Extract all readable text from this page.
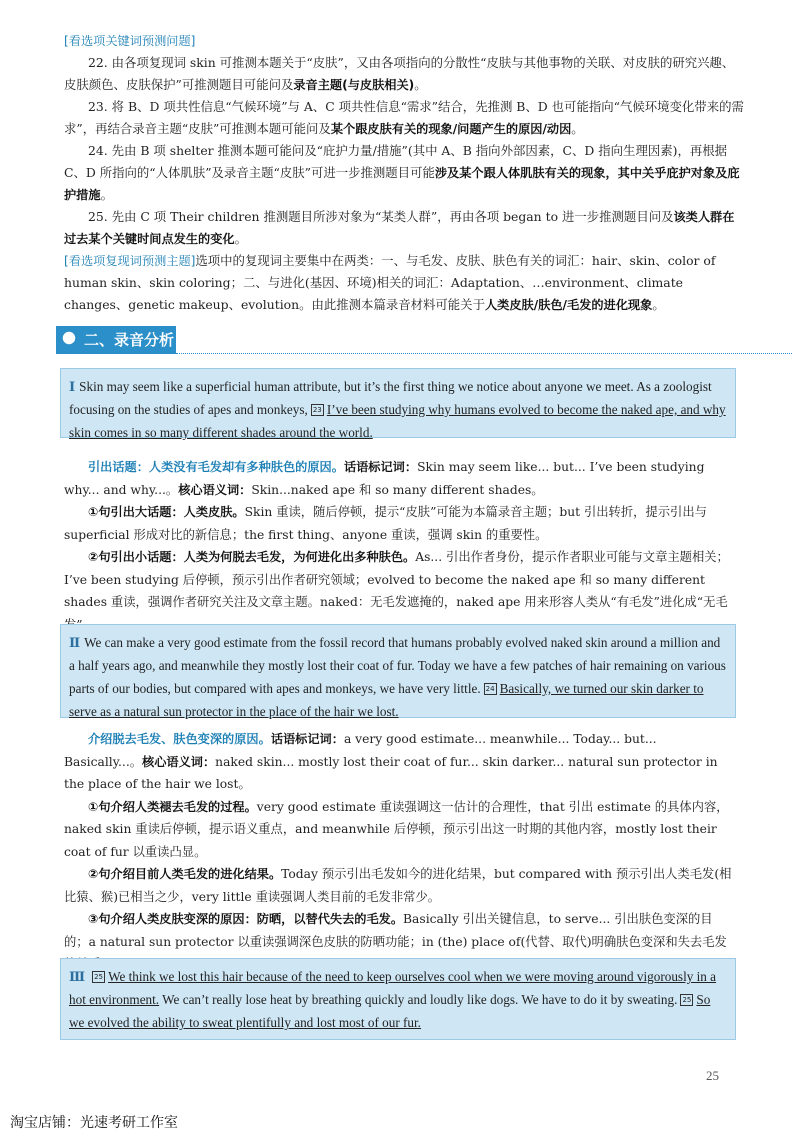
[看选项关键词预测问题]

22. 由各项复现词 skin 可推测本题关于“皮肤”，又由各项指向的分散性“皮肤与其他事物的关联、对皮肤的研究兴趣、皮肤颜色、皮肤保护”可推测题目可能问及录音主题(与皮肤相关)。

23. 将 B、D 项共性信息“气候环境”与 A、C 项共性信息“需求”结合，先推测 B、D 也可能指向“气候环境变化带来的需求”，再结合录音主题“皮肤”可推测本题可能问及某个跟皮肤有关的现象/问题产生的原因/动因。

24. 先由 B 项 shelter 推测本题可能问及“庇护力量/措施”(其中 A、B 指向外部因素，C、D 指向生理因素)，再根据 C、D 所指向的“人体肌肤”及录音主题“皮肤”可进一步推测题目可能涉及某个跟人体肌肤有关的现象，其中关乎庇护对象及庇护措施。

25. 先由 C 项 Their children 推测题目所涉对象为“某类人群”，再由各项 began to 进一步推测题目问及该类人群在过去某个关键时间点发生的变化。

[看选项复现词预测主题]选项中的复现词主要集中在两类：一、与毛发、皮肤、肤色有关的词汇：hair、skin、color of human skin、skin coloring；二、与进化(基因、环境)相关的词汇：Adaptation、…environment、climate changes、genetic makeup、evolution。由此推测本篇录音材料可能关于人类皮肤/肤色/毛发的进化现象。

二、录音分析
Ⅰ Skin may seem like a superficial human attribute, but it’s the first thing we notice about anyone we meet. As a zoologist focusing on the studies of apes and monkeys, 23 I’ve been studying why humans evolved to become the naked ape, and why skin comes in so many different shades around the world.

引出话题：人类没有毛发却有多种肤色的原因。话语标记词：Skin may seem like... but... I’ve been studying why... and why...。核心语义词：Skin...naked ape 和 so many different shades。

①句引出大话题：人类皮肤。Skin 重读，随后停顿，提示“皮肤”可能为本篇录音主题；but 引出转折，提示引出与 superficial 形成对比的新信息；the first thing、anyone 重读，强调 skin 的重要性。

②句引出小话题：人类为何脱去毛发，为何进化出多种肤色。As... 引出作者身份，提示作者职业可能与文章主题相关；I’ve been studying 后停顿，预示引出作者研究领域；evolved to become the naked ape 和 so many different shades 重读，强调作者研究关注及文章主题。naked：无毛发遮掩的，naked ape 用来形容人类从“有毛发”进化成“无毛

Ⅱ We can make a very good estimate from the fossil record that humans probably evolved naked skin around a million and a half years ago, and meanwhile they mostly lost their coat of fur. Today we have a few patches of hair remaining on various parts of our bodies, but compared with apes and monkeys, we have very little. 24 Basically, we turned our skin darker to serve as a natural sun protector in the place of the hair we lost.

介绍脱去毛发、肤色变深的原因。话语标记词：a very good estimate... meanwhile... Today... but... Basically...。核心语义词：naked skin... mostly lost their coat of fur... skin darker... natural sun protector in the place of the hair we lost。

①句介绍人类褪去毛发的过程。very good estimate 重读强调这一估计的合理性，that 引出 estimate 的具体内容，naked skin 重读后停顿，提示语义重点，and meanwhile 后停顿，预示引出这一时期的其他内容，mostly lost their coat of fur 以重读凸显。

②句介绍目前人类毛发的进化结果。Today 预示引出毛发如今的进化结果，but compared with 预示引出人类毛发(相比猿、猴)已相当之少，very little 重读强调人类目前的毛发非常少。

③句介绍人类皮肤变深的原因：防晒，以替代失去的毛发。Basically 引出关键信息，to serve... 引出肤色变深的目的；a natural sun protector 以重读强调深色皮肤的防晒功能；in (the) place of(代替、取代)明确肤色变深和失去毛发

Ⅲ 25 We think we lost this hair because of the need to keep ourselves cool when we were moving around vigorously in a hot environment. We can’t really lose heat by breathing quickly and loudly like dogs. We have to do it by sweating. 25 So we evolved the ability to sweat plentifully and lost most of our fur.
25
淘宝店铺：光速考研工作室
